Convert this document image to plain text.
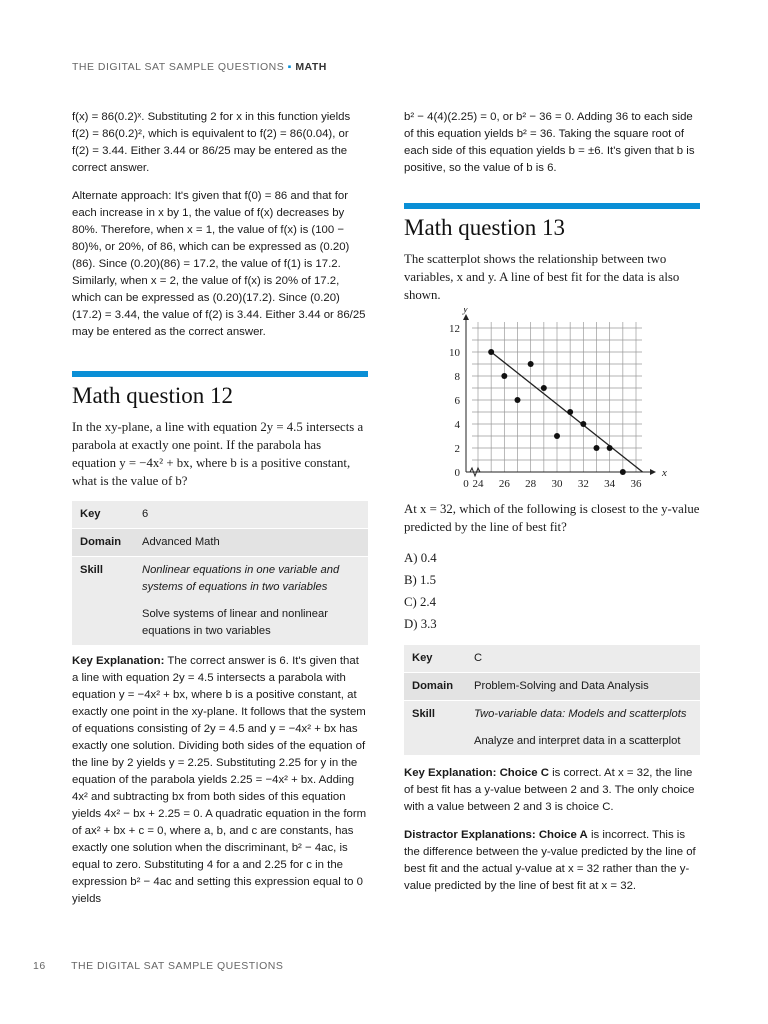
THE DIGITAL SAT SAMPLE QUESTIONS ▪ MATH

f(x) = 86(0.2)ˣ. Substituting 2 for x in this function yields f(2) = 86(0.2)², which is equivalent to f(2) = 86(0.04), or f(2) = 3.44. Either 3.44 or 86/25 may be entered as the correct answer.

Alternate approach: It's given that f(0) = 86 and that for each increase in x by 1, the value of f(x) decreases by 80%. Therefore, when x = 1, the value of f(x) is (100 − 80)%, or 20%, of 86, which can be expressed as (0.20)(86). Since (0.20)(86) = 17.2, the value of f(1) is 17.2. Similarly, when x = 2, the value of f(x) is 20% of 17.2, which can be expressed as (0.20)(17.2). Since (0.20)(17.2) = 3.44, the value of f(2) is 3.44. Either 3.44 or 86/25 may be entered as the correct answer.

Math question 12

In the xy-plane, a line with equation 2y = 4.5 intersects a parabola at exactly one point. If the parabola has equation y = −4x² + bx, where b is a positive constant, what is the value of b?

Key	6
Domain	Advanced Math
Skill	Nonlinear equations in one variable and systems of equations in two variables
	Solve systems of linear and nonlinear equations in two variables

Key Explanation: The correct answer is 6. It's given that a line with equation 2y = 4.5 intersects a parabola with equation y = −4x² + bx, where b is a positive constant, at exactly one point in the xy-plane. It follows that the system of equations consisting of 2y = 4.5 and y = −4x² + bx has exactly one solution. Dividing both sides of the equation of the line by 2 yields y = 2.25. Substituting 2.25 for y in the equation of the parabola yields 2.25 = −4x² + bx. Adding 4x² and subtracting bx from both sides of this equation yields 4x² − bx + 2.25 = 0. A quadratic equation in the form of ax² + bx + c = 0, where a, b, and c are constants, has exactly one solution when the discriminant, b² − 4ac, is equal to zero. Substituting 4 for a and 2.25 for c in the expression b² − 4ac and setting this expression equal to 0 yields

b² − 4(4)(2.25) = 0, or b² − 36 = 0. Adding 36 to each side of this equation yields b² = 36. Taking the square root of each side of this equation yields b = ±6. It's given that b is positive, so the value of b is 6.

Math question 13

The scatterplot shows the relationship between two variables, x and y. A line of best fit for the data is also shown.

0
2
4
6
8
10
12
0 24 26 28 30 32 34 36
x
y

At x = 32, which of the following is closest to the y-value predicted by the line of best fit?

A) 0.4
B) 1.5
C) 2.4
D) 3.3
Key	C
Domain	Problem-Solving and Data Analysis
Skill	Two-variable data: Models and scatterplots
	Analyze and interpret data in a scatterplot

Key Explanation: Choice C is correct. At x = 32, the line of best fit has a y-value between 2 and 3. The only choice with a value between 2 and 3 is choice C.

Distractor Explanations: Choice A is incorrect. This is the difference between the y-value predicted by the line of best fit and the actual y-value at x = 32 rather than the y-value predicted by the line of best fit at x = 32.

16 THE DIGITAL SAT SAMPLE QUESTIONS
